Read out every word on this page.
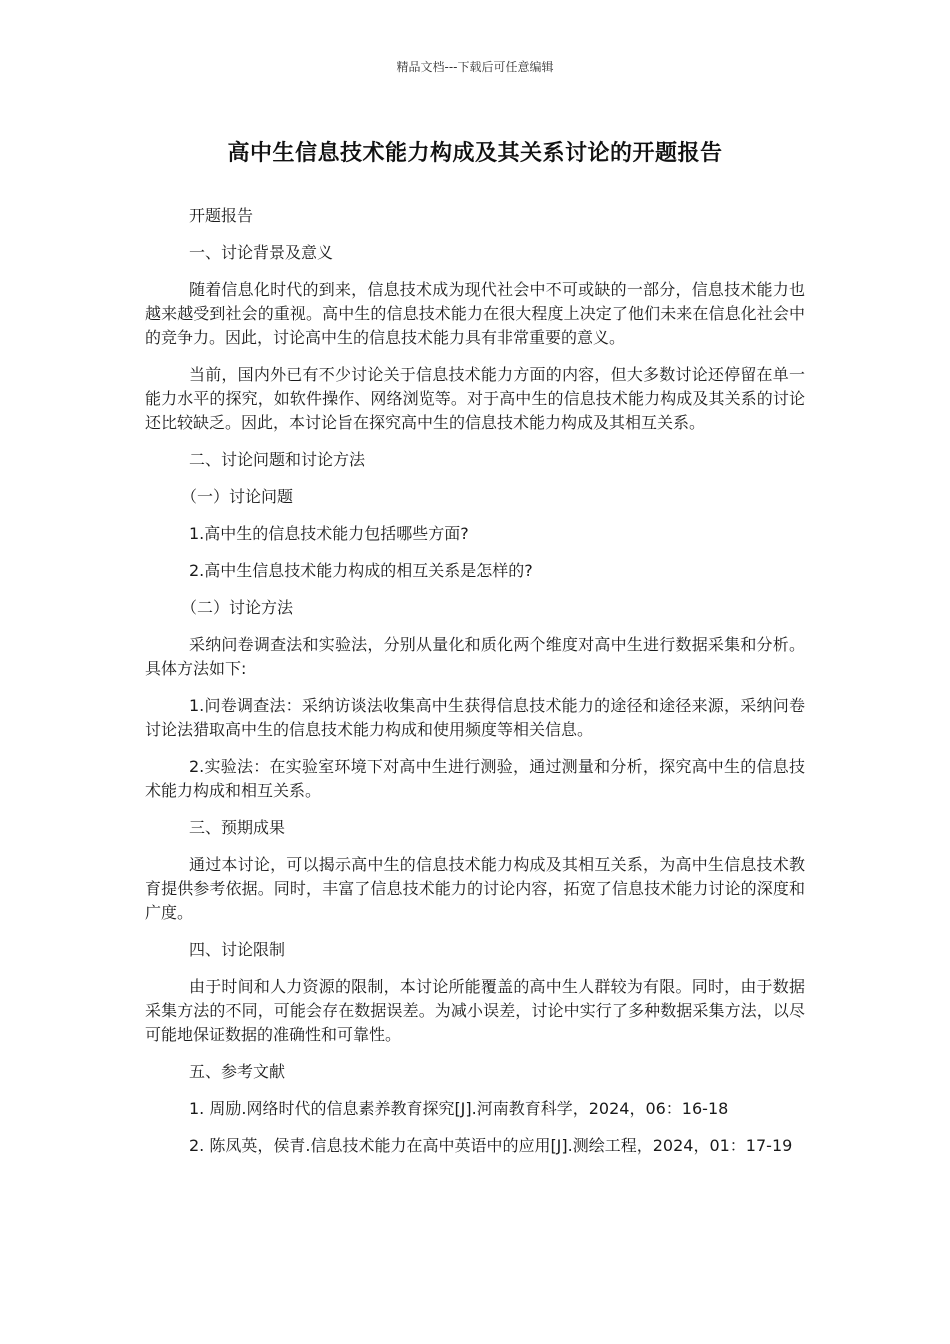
精品文档---下载后可任意编辑
高中生信息技术能力构成及其关系讨论的开题报告

开题报告

一、讨论背景及意义

随着信息化时代的到来，信息技术成为现代社会中不可或缺的一部分，信息技术能力也越来越受到社会的重视。高中生的信息技术能力在很大程度上决定了他们未来在信息化社会中的竞争力。因此，讨论高中生的信息技术能力具有非常重要的意义。

当前，国内外已有不少讨论关于信息技术能力方面的内容，但大多数讨论还停留在单一能力水平的探究，如软件操作、网络浏览等。对于高中生的信息技术能力构成及其关系的讨论还比较缺乏。因此，本讨论旨在探究高中生的信息技术能力构成及其相互关系。

二、讨论问题和讨论方法

（一）讨论问题

1.高中生的信息技术能力包括哪些方面?

2.高中生信息技术能力构成的相互关系是怎样的?

（二）讨论方法

采纳问卷调查法和实验法，分别从量化和质化两个维度对高中生进行数据采集和分析。具体方法如下:

1.问卷调查法：采纳访谈法收集高中生获得信息技术能力的途径和途径来源，采纳问卷讨论法猎取高中生的信息技术能力构成和使用频度等相关信息。

2.实验法：在实验室环境下对高中生进行测验，通过测量和分析，探究高中生的信息技术能力构成和相互关系。

三、预期成果

通过本讨论，可以揭示高中生的信息技术能力构成及其相互关系，为高中生信息技术教育提供参考依据。同时，丰富了信息技术能力的讨论内容，拓宽了信息技术能力讨论的深度和广度。

四、讨论限制

由于时间和人力资源的限制，本讨论所能覆盖的高中生人群较为有限。同时，由于数据采集方法的不同，可能会存在数据误差。为减小误差，讨论中实行了多种数据采集方法，以尽可能地保证数据的准确性和可靠性。

五、参考文献

1. 周励.网络时代的信息素养教育探究[J].河南教育科学，2024，06：16-18

2. 陈凤英，侯青.信息技术能力在高中英语中的应用[J].测绘工程，2024，01：17-19
